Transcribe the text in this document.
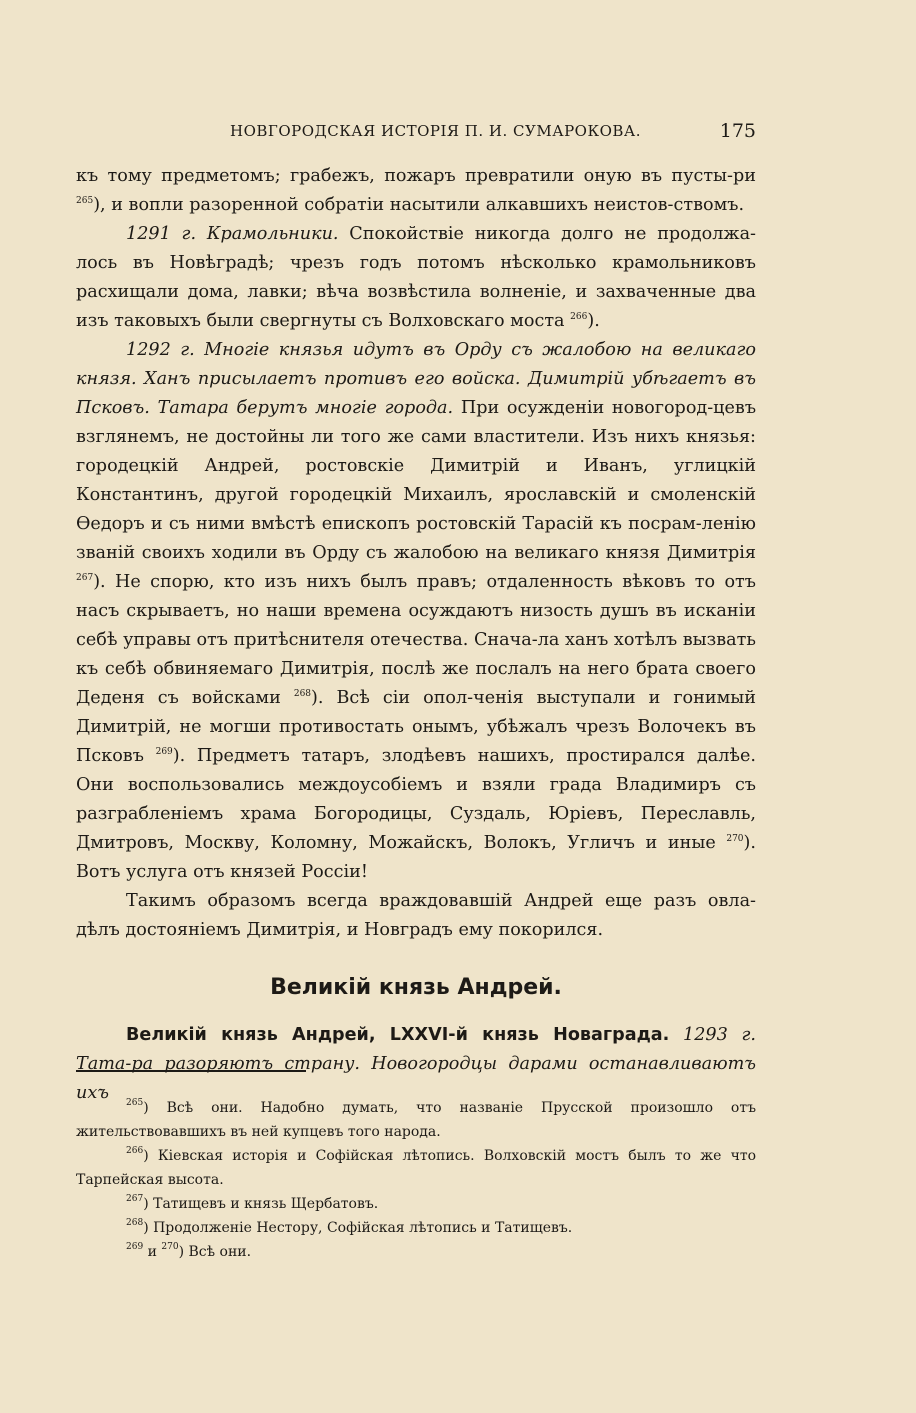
НОВГОРОДСКАЯ ИСТОРІЯ П. И. СУМАРОКОВА.	175

къ тому предметомъ; грабежъ, пожаръ превратили оную въ пусты-ри $^{265}$), и вопли разоренной собратіи насытили алкавшихъ неистов-ствомъ.

1291 г. Крамольники. Спокойствіе никогда долго не продолжа-лось въ Новѣградѣ; чрезъ годъ потомъ нѣсколько крамольниковъ расхищали дома, лавки; вѣча возвѣстила волненіе, и захваченные два изъ таковыхъ были свергнуты съ Волховскаго моста $^{266}$).

1292 г. Многіе князья идутъ въ Орду съ жалобою на великаго князя. Ханъ присылаетъ противъ его войска. Димитрій убѣгаетъ въ Псковъ. Татара берутъ многіе города. При осужденіи новогород-цевъ взглянемъ, не достойны ли того же сами властители. Изъ нихъ князья: городецкій Андрей, ростовскіе Димитрій и Иванъ, углицкій Константинъ, другой городецкій Михаилъ, ярославскій и смоленскій Ѳедоръ и съ ними вмѣстѣ епископъ ростовскій Тарасій къ посрам-ленію званій своихъ ходили въ Орду съ жалобою на великаго князя Димитрія $^{267}$). Не спорю, кто изъ нихъ былъ правъ; отдаленность вѣковъ то отъ насъ скрываетъ, но наши времена осуждаютъ низость душъ въ исканіи себѣ управы отъ притѣснителя отечества. Снача-ла ханъ хотѣлъ вызвать къ себѣ обвиняемаго Димитрія, послѣ же послалъ на него брата своего Деденя съ войсками $^{268}$). Всѣ сіи опол-ченія выступали и гонимый Димитрій, не могши противостать онымъ, убѣжалъ чрезъ Волочекъ въ Псковъ $^{269}$). Предметъ татаръ, злодѣевъ нашихъ, простирался далѣе. Они воспользовались междоусобіемъ и взяли града Владимиръ съ разграбленіемъ храма Богородицы, Суздаль, Юріевъ, Переславль, Дмитровъ, Москву, Коломну, Можайскъ, Волокъ, Угличъ и иные $^{270}$). Вотъ услуга отъ князей Россіи!

Такимъ образомъ всегда враждовавшій Андрей еще разъ овла-дѣлъ достояніемъ Димитрія, и Новградъ ему покорился.

Великій князь Андрей.

Великій князь Андрей, LXXVI-й князь Новаграда. 1293 г. Тата-ра разоряютъ страну. Новогородцы дарами останавливаютъ ихъ	$^{265}$) Всѣ они. Надобно думать, что названіе Прусской произошло отъ жительствовавшихъ въ ней купцевъ того народа.

$^{266}$) Кіевская исторія и Софійская лѣтопись. Волховскій мостъ былъ то же что Тарпейская высота.

$^{267}$) Татищевъ и князь Щербатовъ.

$^{268}$) Продолженіе Нестору, Софійская лѣтопись и Татищевъ.

$^{269}$ и $^{270}$) Всѣ они.
